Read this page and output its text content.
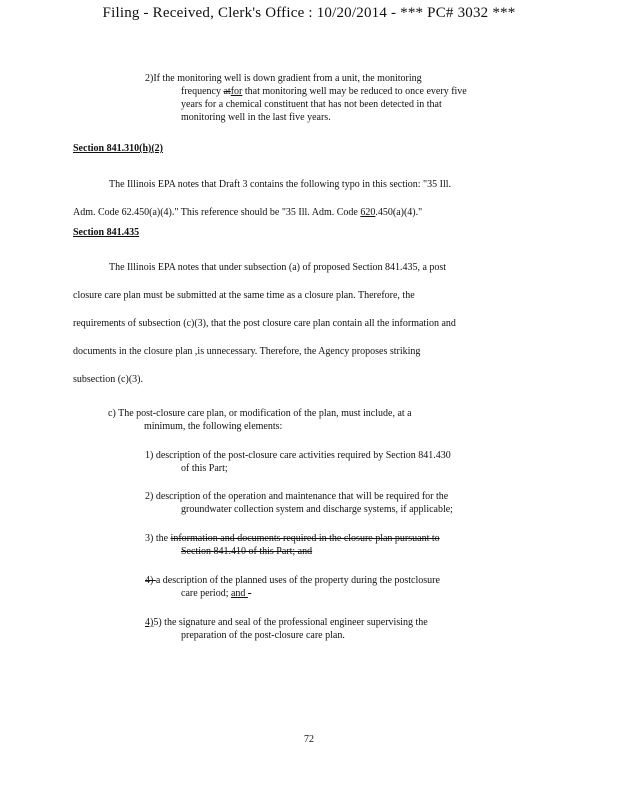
Filing - Received, Clerk's Office : 10/20/2014 - *** PC# 3032 ***
2)If the monitoring well is down gradient from a unit, the monitoring
frequency atfor that monitoring well may be reduced to once every five
years for a chemical constituent that has not been detected in that
monitoring well in the last five years.
Section 841.310(h)(2)
The Illinois EPA notes that Draft 3 contains the following typo in this section: "35 Ill.
Adm. Code 62.450(a)(4)." This reference should be "35 Ill. Adm. Code 620.450(a)(4)."
Section 841.435
The Illinois EPA notes that under subsection (a) of proposed Section 841.435, a post
closure care plan must be submitted at the same time as a closure plan. Therefore, the
requirements of subsection (c)(3), that the post closure care plan contain all the information and
documents in the closure plan ,is unnecessary. Therefore, the Agency proposes striking
subsection (c)(3).
c) The post-closure care plan, or modification of the plan, must include, at a
minimum, the following elements:
1) description of the post-closure care activities required by Section 841.430
of this Part;
2) description of the operation and maintenance that will be required for the
groundwater collection system and discharge systems, if applicable;
3) the information and documents required in the closure plan pursuant to
Section 841.410 of this Part; and
4) a description of the planned uses of the property during the postclosure
care period; and -
4)5) the signature and seal of the professional engineer supervising the
preparation of the post-closure care plan.
72
